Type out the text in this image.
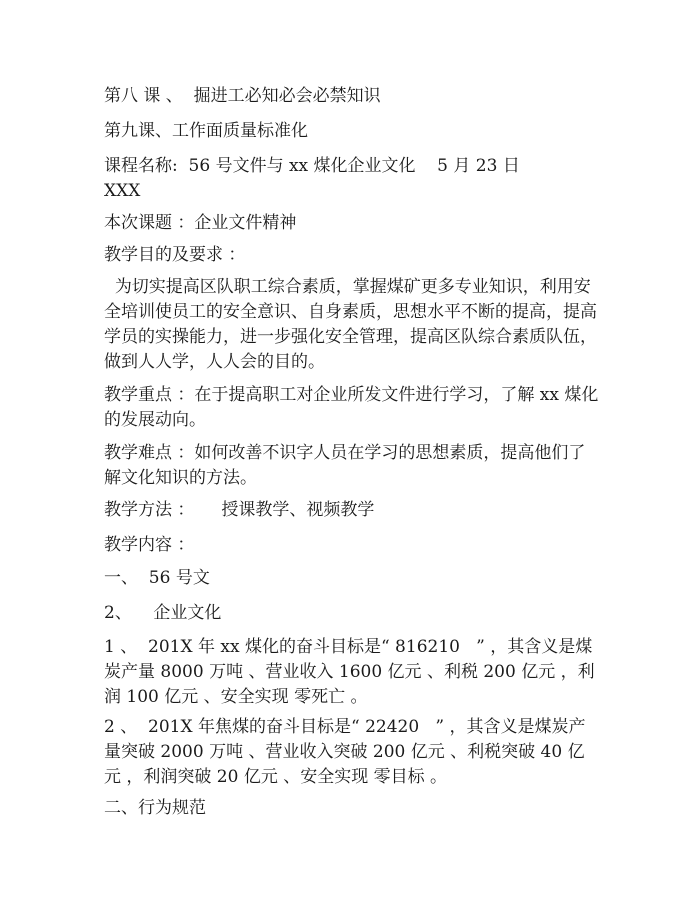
第八 课 、  掘进工必知必会必禁知识
第九课、工作面质量标准化
课程名称:  56 号文件与 xx 煤化企业文化    5 月 23 日
XXX
本次课题 ：企业文件精神
教学目的及要求 ：
为切实提高区队职工综合素质，掌握煤矿更多专业知识，利用安全培训使员工的安全意识、自身素质，思想水平不断的提高，提高学员的实操能力，进一步强化安全管理，提高区队综合素质队伍，做到人人学，人人会的目的。
教学重点 ：在于提高职工对企业所发文件进行学习，了解 xx 煤化的发展动向。
教学难点 ：如何改善不识字人员在学习的思想素质，提高他们了解文化知识的方法。
教学方法 ：     授课教学、视频教学
教学内容 ：
一、  56 号文
2、    企业文化
1 、  201X 年 xx 煤化的奋斗目标是“ 816210   ” ，其含义是煤炭产量 8000 万吨 、营业收入 1600 亿元 、利税 200 亿元 ，利润 100 亿元 、安全实现 零死亡 。
2 、  201X 年焦煤的奋斗目标是“ 22420   ” ，其含义是煤炭产量突破 2000 万吨 、营业收入突破 200 亿元 、利税突破 40 亿元 ，利润突破 20 亿元 、安全实现 零目标 。
二、行为规范
